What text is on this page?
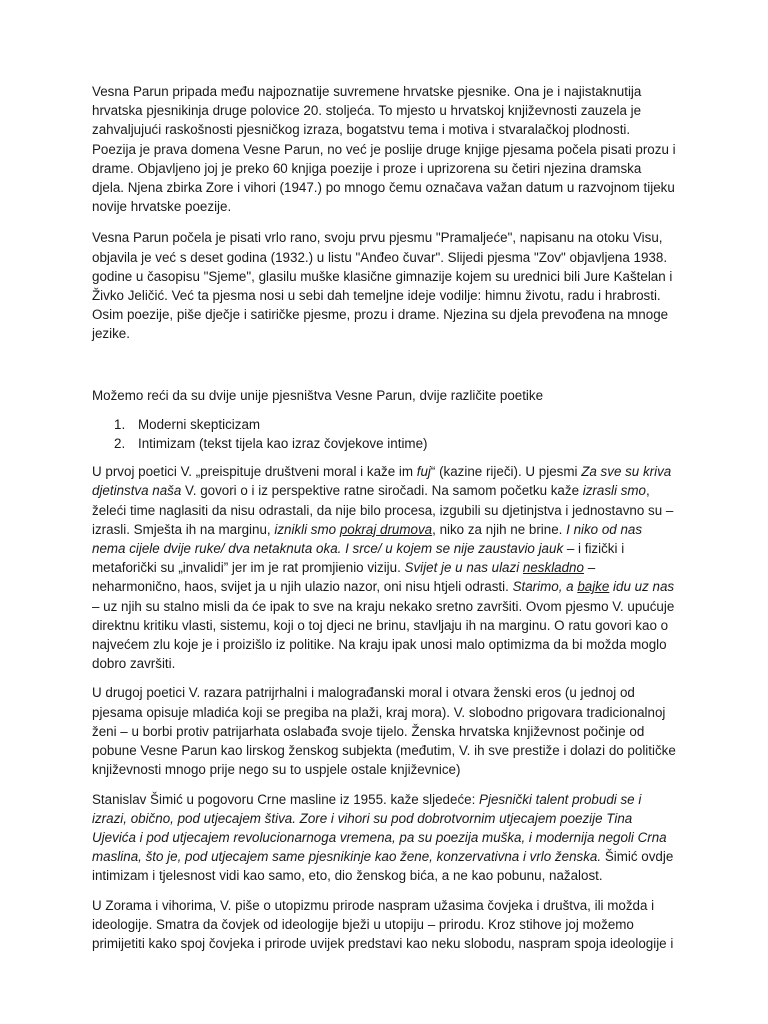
Vesna Parun pripada među najpoznatije suvremene hrvatske pjesnike. Ona je i najistaknutija hrvatska pjesnikinja druge polovice 20. stoljeća. To mjesto u hrvatskoj književnosti zauzela je zahvaljujući raskošnosti pjesničkog izraza, bogatstvu tema i motiva i stvaralačkoj plodnosti. Poezija je prava domena Vesne Parun, no već je poslije druge knjige pjesama počela pisati prozu i drame. Objavljeno joj je preko 60 knjiga poezije i proze i uprizorena su četiri njezina dramska djela. Njena zbirka Zore i vihori (1947.) po mnogo čemu označava važan datum u razvojnom tijeku novije hrvatske poezije.

Vesna Parun počela je pisati vrlo rano, svoju prvu pjesmu "Pramaljeće", napisanu na otoku Visu, objavila je već s deset godina (1932.) u listu "Anđeo čuvar". Slijedi pjesma "Zov" objavljena 1938. godine u časopisu "Sjeme", glasilu muške klasične gimnazije kojem su urednici bili Jure Kaštelan i Živko Jeličić. Već ta pjesma nosi u sebi dah temeljne ideje vodilje: himnu životu, radu i hrabrosti. Osim poezije, piše dječje i satiričke pjesme, prozu i drame. Njezina su djela prevođena na mnoge jezike.

Možemo reći da su dvije unije pjesništva Vesne Parun, dvije različite poetike

1. Moderni skepticizam
2. Intimizam (tekst tijela kao izraz čovjekove intime)

U prvoj poetici V. „preispituje društveni moral i kaže im fuj“ (kazine riječi). U pjesmi Za sve su kriva djetinstva naša V. govori o i iz perspektive ratne siročadi. Na samom početku kaže izrasli smo, želeći time naglasiti da nisu odrastali, da nije bilo procesa, izgubili su djetinjstva i jednostavno su – izrasli. Smješta ih na marginu, iznikli smo pokraj drumova, niko za njih ne brine. I niko od nas nema cijele dvije ruke/ dva netaknuta oka. I srce/ u kojem se nije zaustavio jauk – i fizički i metaforički su „invalidi” jer im je rat promjienio viziju. Svijet je u nas ulazi neskladno – neharmonično, haos, svijet ja u njih ulazio nazor, oni nisu htjeli odrasti. Starimo, a bajke idu uz nas – uz njih su stalno misli da će ipak to sve na kraju nekako sretno završiti. Ovom pjesmo V. upućuje direktnu kritiku vlasti, sistemu, koji o toj djeci ne brinu, stavljaju ih na marginu. O ratu govori kao o najvećem zlu koje je i proizišlo iz politike. Na kraju ipak unosi malo optimizma da bi možda moglo dobro završiti.

U drugoj poetici V. razara patrijrhalni i malograđanski moral i otvara ženski eros (u jednoj od pjesama opisuje mladića koji se pregiba na plaži, kraj mora). V. slobodno prigovara tradicionalnoj ženi – u borbi protiv patrijarhata oslabađa svoje tijelo. Ženska hrvatska književnost počinje od pobune Vesne Parun kao lirskog ženskog subjekta (međutim, V. ih sve prestiže i dolazi do političke književnosti mnogo prije nego su to uspjele ostale književnice)

Stanislav Šimić u pogovoru Crne masline iz 1955. kaže sljedeće: Pjesnički talent probudi se i izrazi, obično, pod utjecajem štiva. Zore i vihori su pod dobrotvornim utjecajem poezije Tina Ujevića i pod utjecajem revolucionarnoga vremena, pa su poezija muška, i modernija negoli Crna maslina, što je, pod utjecajem same pjesnikinje kao žene, konzervativna i vrlo ženska. Šimić ovdje intimizam i tjelesnost vidi kao samo, eto, dio ženskog bića, a ne kao pobunu, nažalost.

U Zorama i vihorima, V. piše o utopizmu prirode naspram užasima čovjeka i društva, ili možda i ideologije. Smatra da čovjek od ideologije bježi u utopiju – prirodu. Kroz stihove joj možemo primijetiti kako spoj čovjeka i prirode uvijek predstavi kao neku slobodu, naspram spoja ideologije i
